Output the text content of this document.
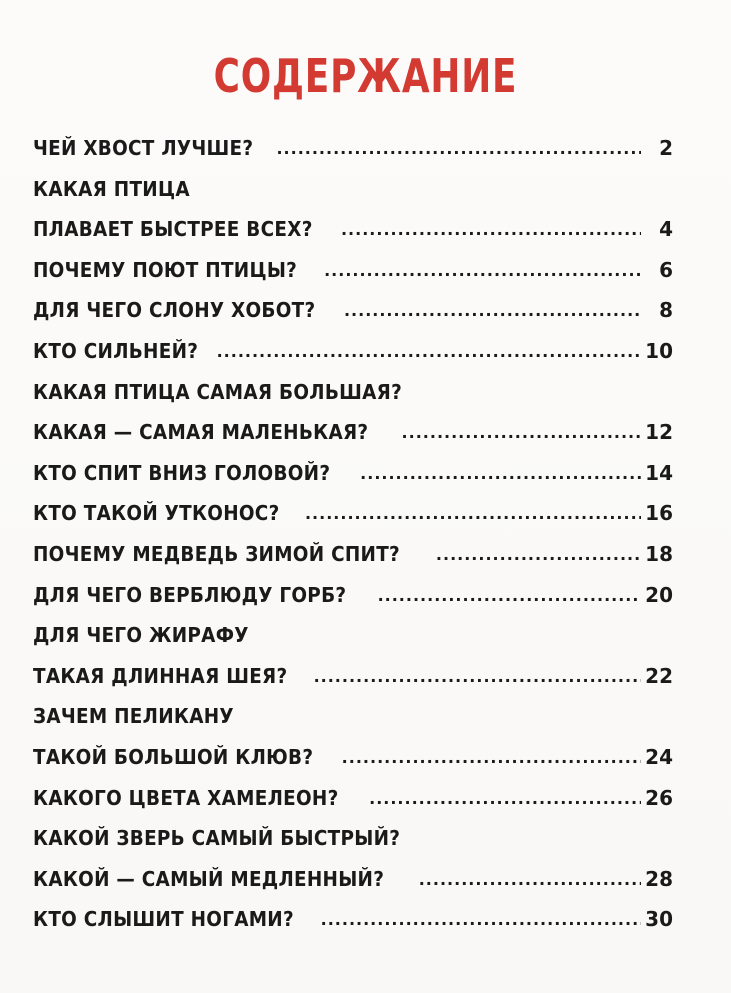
СОДЕРЖАНИЕ
ЧЕЙ ХВОСТ ЛУЧШЕ? .....	2
КАКАЯ ПТИЦА
ПЛАВАЕТ БЫСТРЕЕ ВСЕХ? .....	4
ПОЧЕМУ ПОЮТ ПТИЦЫ? .....	6
ДЛЯ ЧЕГО СЛОНУ ХОБОТ? .....	8
КТО СИЛЬНЕЙ? .....	10
КАКАЯ ПТИЦА САМАЯ БОЛЬШАЯ?
КАКАЯ — САМАЯ МАЛЕНЬКАЯ? .....	12
КТО СПИТ ВНИЗ ГОЛОВОЙ? .....	14
КТО ТАКОЙ УТКОНОС? .....	16
ПОЧЕМУ МЕДВЕДЬ ЗИМОЙ СПИТ? .....	18
ДЛЯ ЧЕГО ВЕРБЛЮДУ ГОРБ? .....	20
ДЛЯ ЧЕГО ЖИРАФУ
ТАКАЯ ДЛИННАЯ ШЕЯ? .....	22
ЗАЧЕМ ПЕЛИКАНУ
ТАКОЙ БОЛЬШОЙ КЛЮВ? .....	24
КАКОГО ЦВЕТА ХАМЕЛЕОН? .....	26
КАКОЙ ЗВЕРЬ САМЫЙ БЫСТРЫЙ?
КАКОЙ — САМЫЙ МЕДЛЕННЫЙ? .....	28
КТО СЛЫШИТ НОГАМИ? .....	30
